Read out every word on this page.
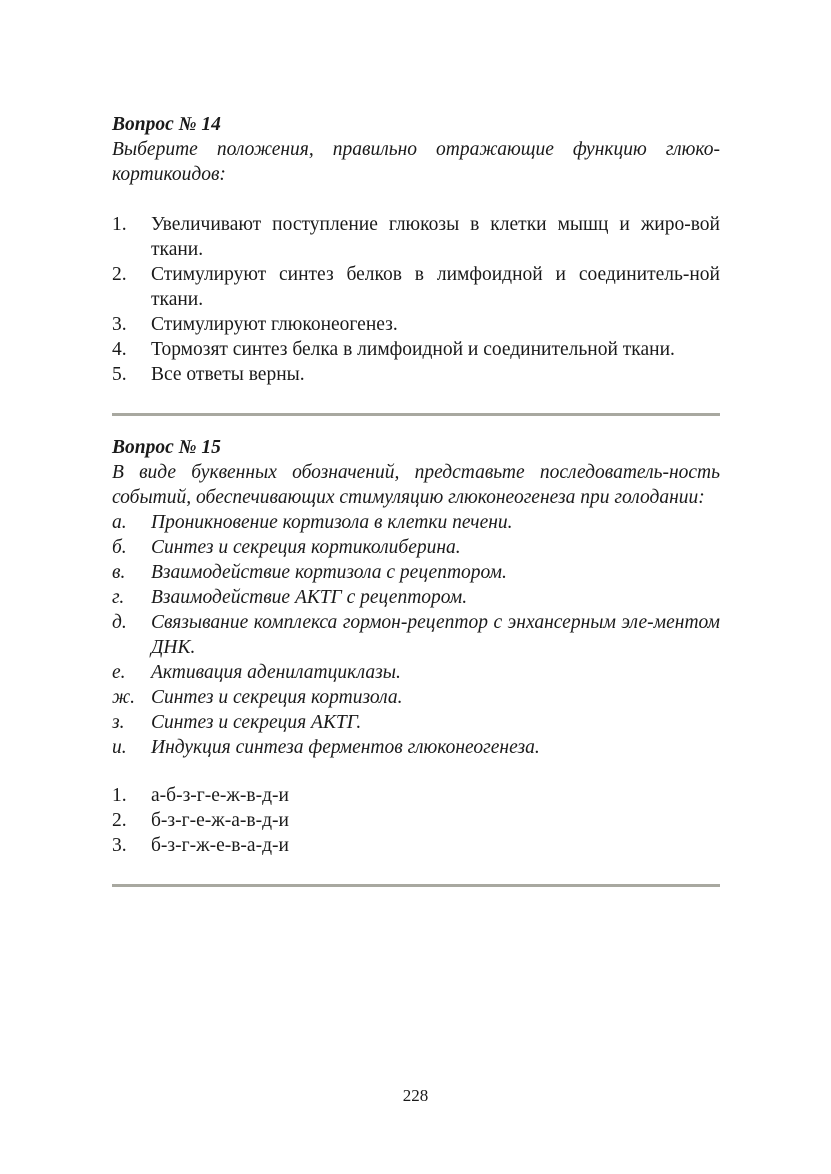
Вопрос № 14

Выберите положения, правильно отражающие функцию глюко-кортикоидов:

1. Увеличивают поступление глюкозы в клетки мышц и жиро-вой ткани.
2. Стимулируют синтез белков в лимфоидной и соединитель-ной ткани.
3. Стимулируют глюконеогенез.
4. Тормозят синтез белка в лимфоидной и соединительной ткани.
5. Все ответы верны.

Вопрос № 15

В виде буквенных обозначений, представьте последователь-ность событий, обеспечивающих стимуляцию глюконеогенеза при голодании:

а. Проникновение кортизола в клетки печени.
б. Синтез и секреция кортиколиберина.
в. Взаимодействие кортизола с рецептором.
г. Взаимодействие АКТГ с рецептором.
д. Связывание комплекса гормон-рецептор с энхансерным эле-ментом ДНК.
е. Активация аденилатциклазы.
ж. Синтез и секреция кортизола.
з. Синтез и секреция АКТГ.
и. Индукция синтеза ферментов глюконеогенеза.
1. а-б-з-г-е-ж-в-д-и
2. б-з-г-е-ж-а-в-д-и
3. б-з-г-ж-е-в-а-д-и
228
